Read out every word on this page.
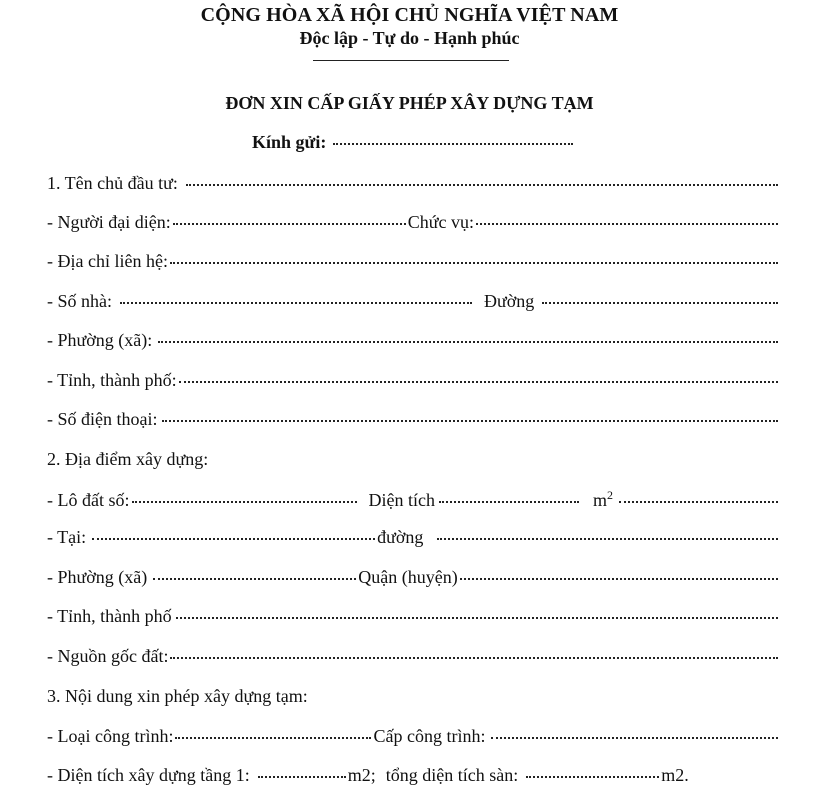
CỘNG HÒA XÃ HỘI CHỦ NGHĨA VIỆT NAM
Độc lập - Tự do - Hạnh phúc
ĐƠN XIN CẤP GIẤY PHÉP XÂY DỰNG TẠM
Kính gửi:
1. Tên chủ đầu tư:
- Người đại diện:	Chức vụ:
- Địa chỉ liên hệ:
- Số nhà:	Đường
- Phường (xã):
- Tỉnh, thành phố:
- Số điện thoại:
2. Địa điểm xây dựng:
- Lô đất số:	Diện tích	$m^2$
- Tại:	đường
- Phường (xã)	Quận (huyện)
- Tỉnh, thành phố
- Nguồn gốc đất:
3. Nội dung xin phép xây dựng tạm:
- Loại công trình:	Cấp công trình:
- Diện tích xây dựng tầng 1:	m2; tổng diện tích sàn:	m2.
